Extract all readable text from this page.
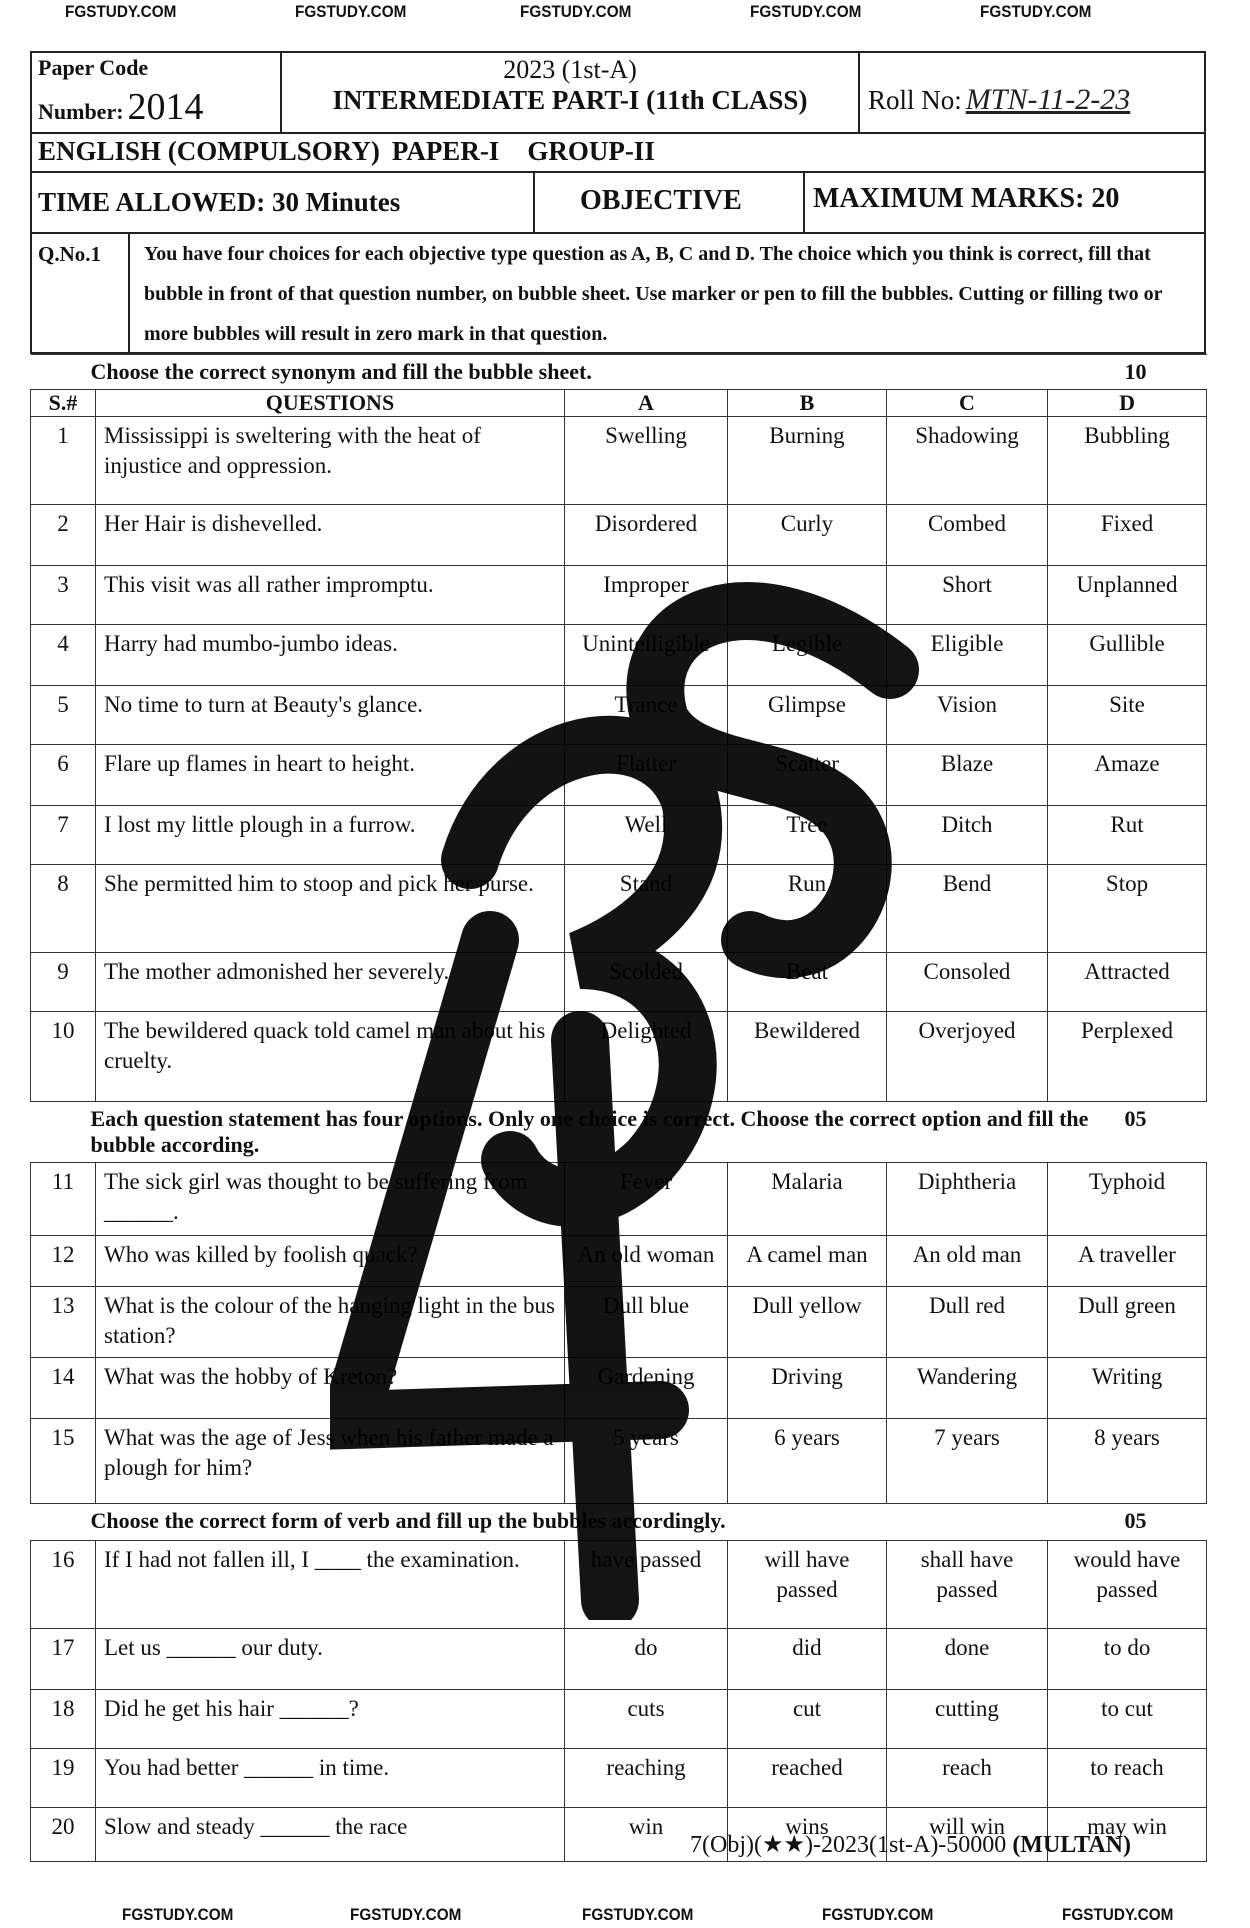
FGSTUDY.COM	FGSTUDY.COM	FGSTUDY.COM	FGSTUDY.COM	FGSTUDY.COM
Paper Code
Number: 2014
2023 (1st-A)
INTERMEDIATE PART-I (11th CLASS)	Roll No: MTN-11-2-23
ENGLISH (COMPULSORY) PAPER-I GROUP-II
TIME ALLOWED: 30 Minutes	OBJECTIVE	MAXIMUM MARKS: 20
Q.No.1	You have four choices for each objective type question as A, B, C and D. The choice which you think is correct, fill that bubble in front of that question number, on bubble sheet. Use marker or pen to fill the bubbles. Cutting or filling two or more bubbles will result in zero mark in that question.
10
Choose the correct synonym and fill the bubble sheet.					
S.#	QUESTIONS	A	B	C	D
1	Mississippi is sweltering with the heat of injustice and oppression.	Swelling	Burning	Shadowing	Bubbling
2	Her Hair is dishevelled.	Disordered	Curly	Combed	Fixed
3	This visit was all rather impromptu.	Improper		Short	Unplanned
4	Harry had mumbo-jumbo ideas.	Unintelligible	Legible	Eligible	Gullible
5	No time to turn at Beauty's glance.	Trance	Glimpse	Vision	Site
6	Flare up flames in heart to height.	Flatter	Scatter	Blaze	Amaze
7	I lost my little plough in a furrow.	Well	Tree	Ditch	Rut
8	She permitted him to stoop and pick her purse.	Stand	Run	Bend	Stop
9	The mother admonished her severely.	Scolded	Beat	Consoled	Attracted
10	The bewildered quack told camel man about his cruelty.	Delighted	Bewildered	Overjoyed	Perplexed

05
Each question statement has four options. Only one choice is correct. Choose the correct option and fill the bubble according.					
11	The sick girl was thought to be suffering from ______.	Fever	Malaria	Diphtheria	Typhoid
12	Who was killed by foolish quack?	An old woman	A camel man	An old man	A traveller
13	What is the colour of the hanging light in the bus station?	Dull blue	Dull yellow	Dull red	Dull green
14	What was the hobby of Kreton?	Gardening	Driving	Wandering	Writing
15	What was the age of Jess when his father made a plough for him?	5 years	6 years	7 years	8 years

05
Choose the correct form of verb and fill up the bubbles accordingly.					
16	If I had not fallen ill, I ____ the examination.	have passed	will have passed	shall have passed	would have passed
17	Let us ______ our duty.	do	did	done	to do
18	Did he get his hair ______?	cuts	cut	cutting	to cut
19	You had better ______ in time.	reaching	reached	reach	to reach
20	Slow and steady ______ the race	win	wins	will win	may win
7(Obj)(★★)-2023(1st-A)-50000 (MULTAN)
FGSTUDY.COM	FGSTUDY.COM	FGSTUDY.COM	FGSTUDY.COM	FGSTUDY.COM
